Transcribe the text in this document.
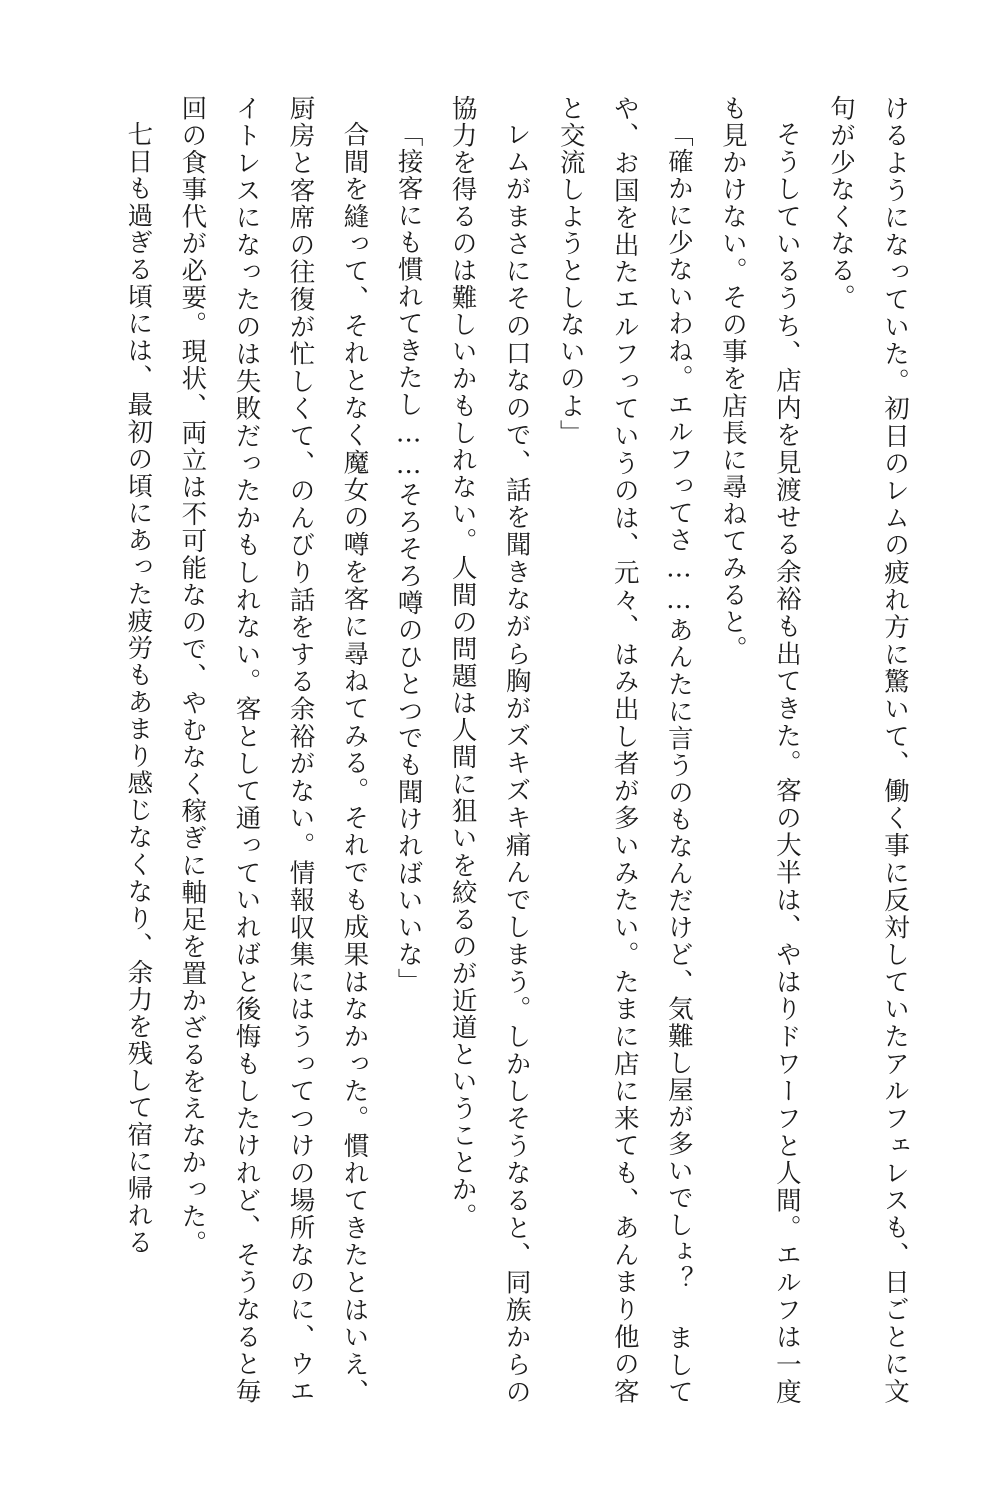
けるようになっていた。初日のレムの疲れ方に驚いて、働く事に反対していたアルフェレスも、日ごとに文句が少なくなる。

そうしているうち、店内を見渡せる余裕も出てきた。客の大半は、やはりドワーフと人間。エルフは一度も見かけない。その事を店長に尋ねてみると。

「確かに少ないわね。エルフってさ……あんたに言うのもなんだけど、気難し屋が多いでしょ？ ましてや、お国を出たエルフっていうのは、元々、はみ出し者が多いみたい。たまに店に来ても、あんまり他の客と交流しようとしないのよ」

レムがまさにその口なので、話を聞きながら胸がズキズキ痛んでしまう。しかしそうなると、同族からの協力を得るのは難しいかもしれない。人間の問題は人間に狙いを絞るのが近道ということか。

「接客にも慣れてきたし……そろそろ噂のひとつでも聞ければいいな」

合間を縫って、それとなく魔女の噂を客に尋ねてみる。それでも成果はなかった。慣れてきたとはいえ、厨房と客席の往復が忙しくて、のんびり話をする余裕がない。情報収集にはうってつけの場所なのに、ウエイトレスになったのは失敗だったかもしれない。客として通っていればと後悔もしたけれど、そうなると毎回の食事代が必要。現状、両立は不可能なので、やむなく稼ぎに軸足を置かざるをえなかった。

七日も過ぎる頃には、最初の頃にあった疲労もあまり感じなくなり、余力を残して宿に帰れる
